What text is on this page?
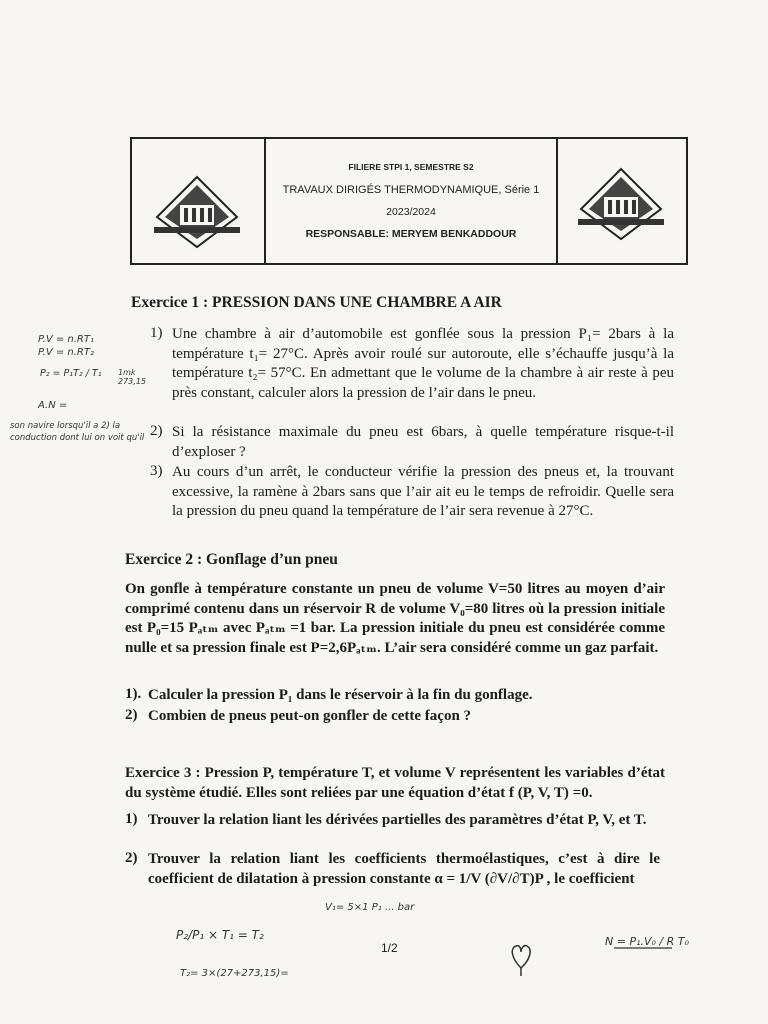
FILIERE STPI 1, SEMESTRE S2
TRAVAUX DIRIGÉS THERMODYNAMIQUE, Série 1
2023/2024
RESPONSABLE: MERYEM BENKADDOUR
Exercice 1 : PRESSION DANS UNE CHAMBRE A AIR
1) Une chambre à air d’automobile est gonflée sous la pression P₁= 2bars à la température t₁= 27°C. Après avoir roulé sur autoroute, elle s’échauffe jusqu’à la température t₂= 57°C. En admettant que le volume de la chambre à air reste à peu près constant, calculer alors la pression de l’air dans le pneu.
2) Si la résistance maximale du pneu est 6bars, à quelle température risque-t-il d’exploser ?
3) Au cours d’un arrêt, le conducteur vérifie la pression des pneus et, la trouvant excessive, la ramène à 2bars sans que l’air ait eu le temps de refroidir. Quelle sera la pression du pneu quand la température de l’air sera revenue à 27°C.
Exercice 2 : Gonflage d’un pneu
On gonfle à température constante un pneu de volume V=50 litres au moyen d’air comprimé contenu dans un réservoir R de volume V₀=80 litres où la pression initiale est P₀=15 Pₐₜₘ avec Pₐₜₘ =1 bar. La pression initiale du pneu est considérée comme nulle et sa pression finale est P=2,6Pₐₜₘ. L’air sera considéré comme un gaz parfait.
1). Calculer la pression P₁ dans le réservoir à la fin du gonflage.
2) Combien de pneus peut-on gonfler de cette façon ?
Exercice 3 : Pression P, température T, et volume V représentent les variables d’état du système étudié. Elles sont reliées par une équation d’état f (P, V, T) =0.
1) Trouver la relation liant les dérivées partielles des paramètres d’état P, V, et T.
2) Trouver la relation liant les coefficients thermoélastiques, c’est à dire le coefficient de dilatation à pression constante α = 1/V (∂V/∂T)P , le coefficient
1/2
P.V = n.RT₁
P.V = n.RT₂
P₂ = P₁T₂ / T₁
A.N =
1mk 273,15
son navire lorsqu'il a 2) la conduction dont lui on voit qu'il
P₂/P₁ × T₁ = T₂
T₂= 3×(27+273,15)=
V₁= 5×1 P₁ ... bar
N = P₁.V₀ / R T₀
